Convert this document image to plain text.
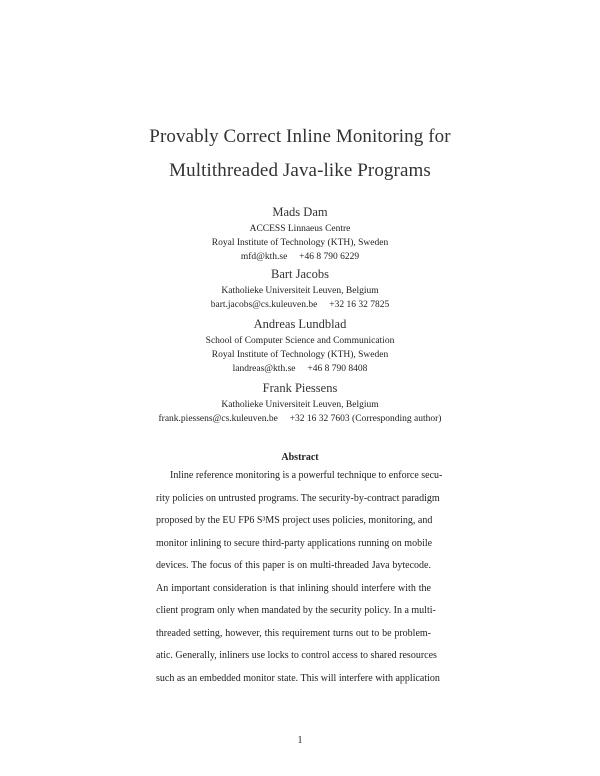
Provably Correct Inline Monitoring for
Multithreaded Java-like Programs
Mads Dam
ACCESS Linnaeus Centre
Royal Institute of Technology (KTH), Sweden
mfd@kth.se     +46 8 790 6229
Bart Jacobs
Katholieke Universiteit Leuven, Belgium
bart.jacobs@cs.kuleuven.be     +32 16 32 7825
Andreas Lundblad
School of Computer Science and Communication
Royal Institute of Technology (KTH), Sweden
landreas@kth.se     +46 8 790 8408
Frank Piessens
Katholieke Universiteit Leuven, Belgium
frank.piessens@cs.kuleuven.be     +32 16 32 7603 (Corresponding author)
Abstract
Inline reference monitoring is a powerful technique to enforce secu-
rity policies on untrusted programs. The security-by-contract paradigm
proposed by the EU FP6 S³MS project uses policies, monitoring, and
monitor inlining to secure third-party applications running on mobile
devices. The focus of this paper is on multi-threaded Java bytecode.
An important consideration is that inlining should interfere with the
client program only when mandated by the security policy. In a multi-
threaded setting, however, this requirement turns out to be problem-
atic. Generally, inliners use locks to control access to shared resources
such as an embedded monitor state. This will interfere with application
1
